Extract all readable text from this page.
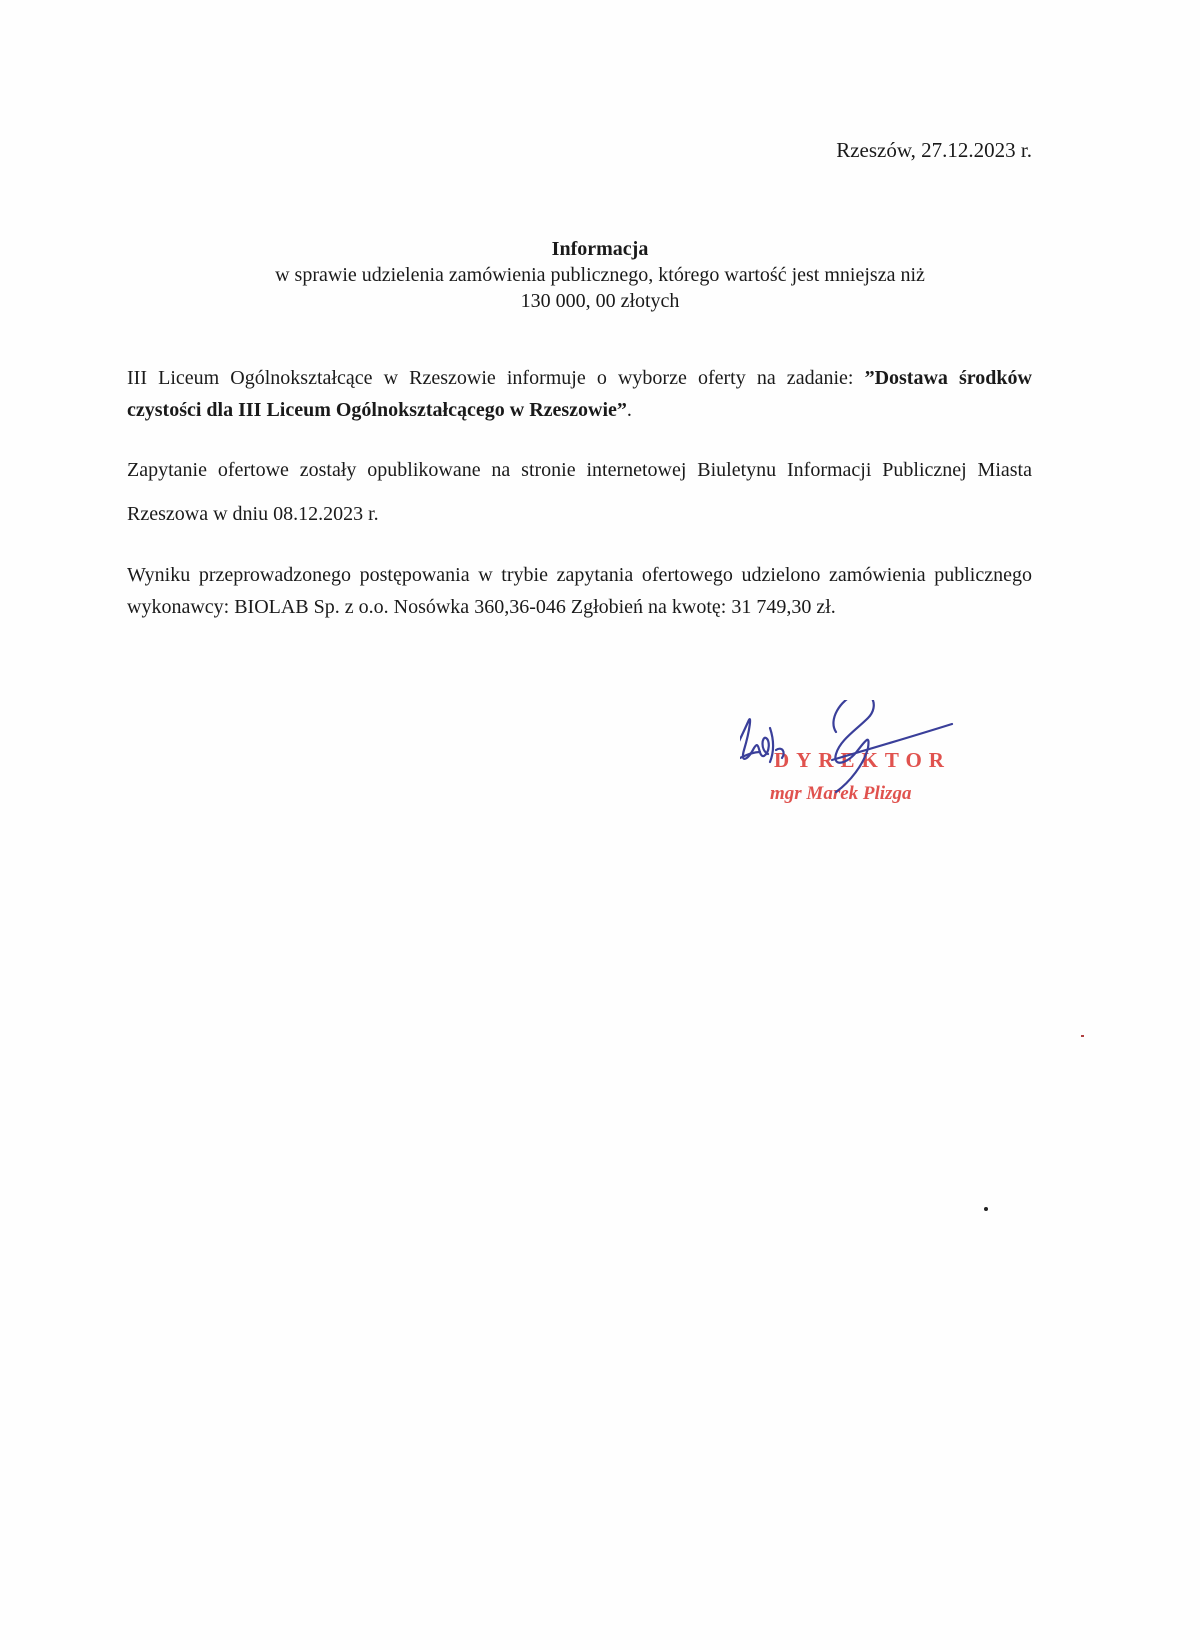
Rzeszów, 27.12.2023 r.
Informacja
w sprawie udzielenia zamówienia publicznego, którego wartość jest mniejsza niż
130 000, 00 złotych
III Liceum Ogólnokształcące w Rzeszowie informuje o wyborze oferty na zadanie: ”Dostawa środków czystości dla III Liceum Ogólnokształcącego w Rzeszowie”.
Zapytanie ofertowe zostały opublikowane na stronie internetowej Biuletynu Informacji Publicznej Miasta Rzeszowa w dniu 08.12.2023 r.
Wyniku przeprowadzonego postępowania w trybie zapytania ofertowego udzielono zamówienia publicznego wykonawcy: BIOLAB Sp. z o.o. Nosówka 360,36-046 Zgłobień na kwotę: 31 749,30 zł.
DYREKTOR
mgr Marek Plizga
